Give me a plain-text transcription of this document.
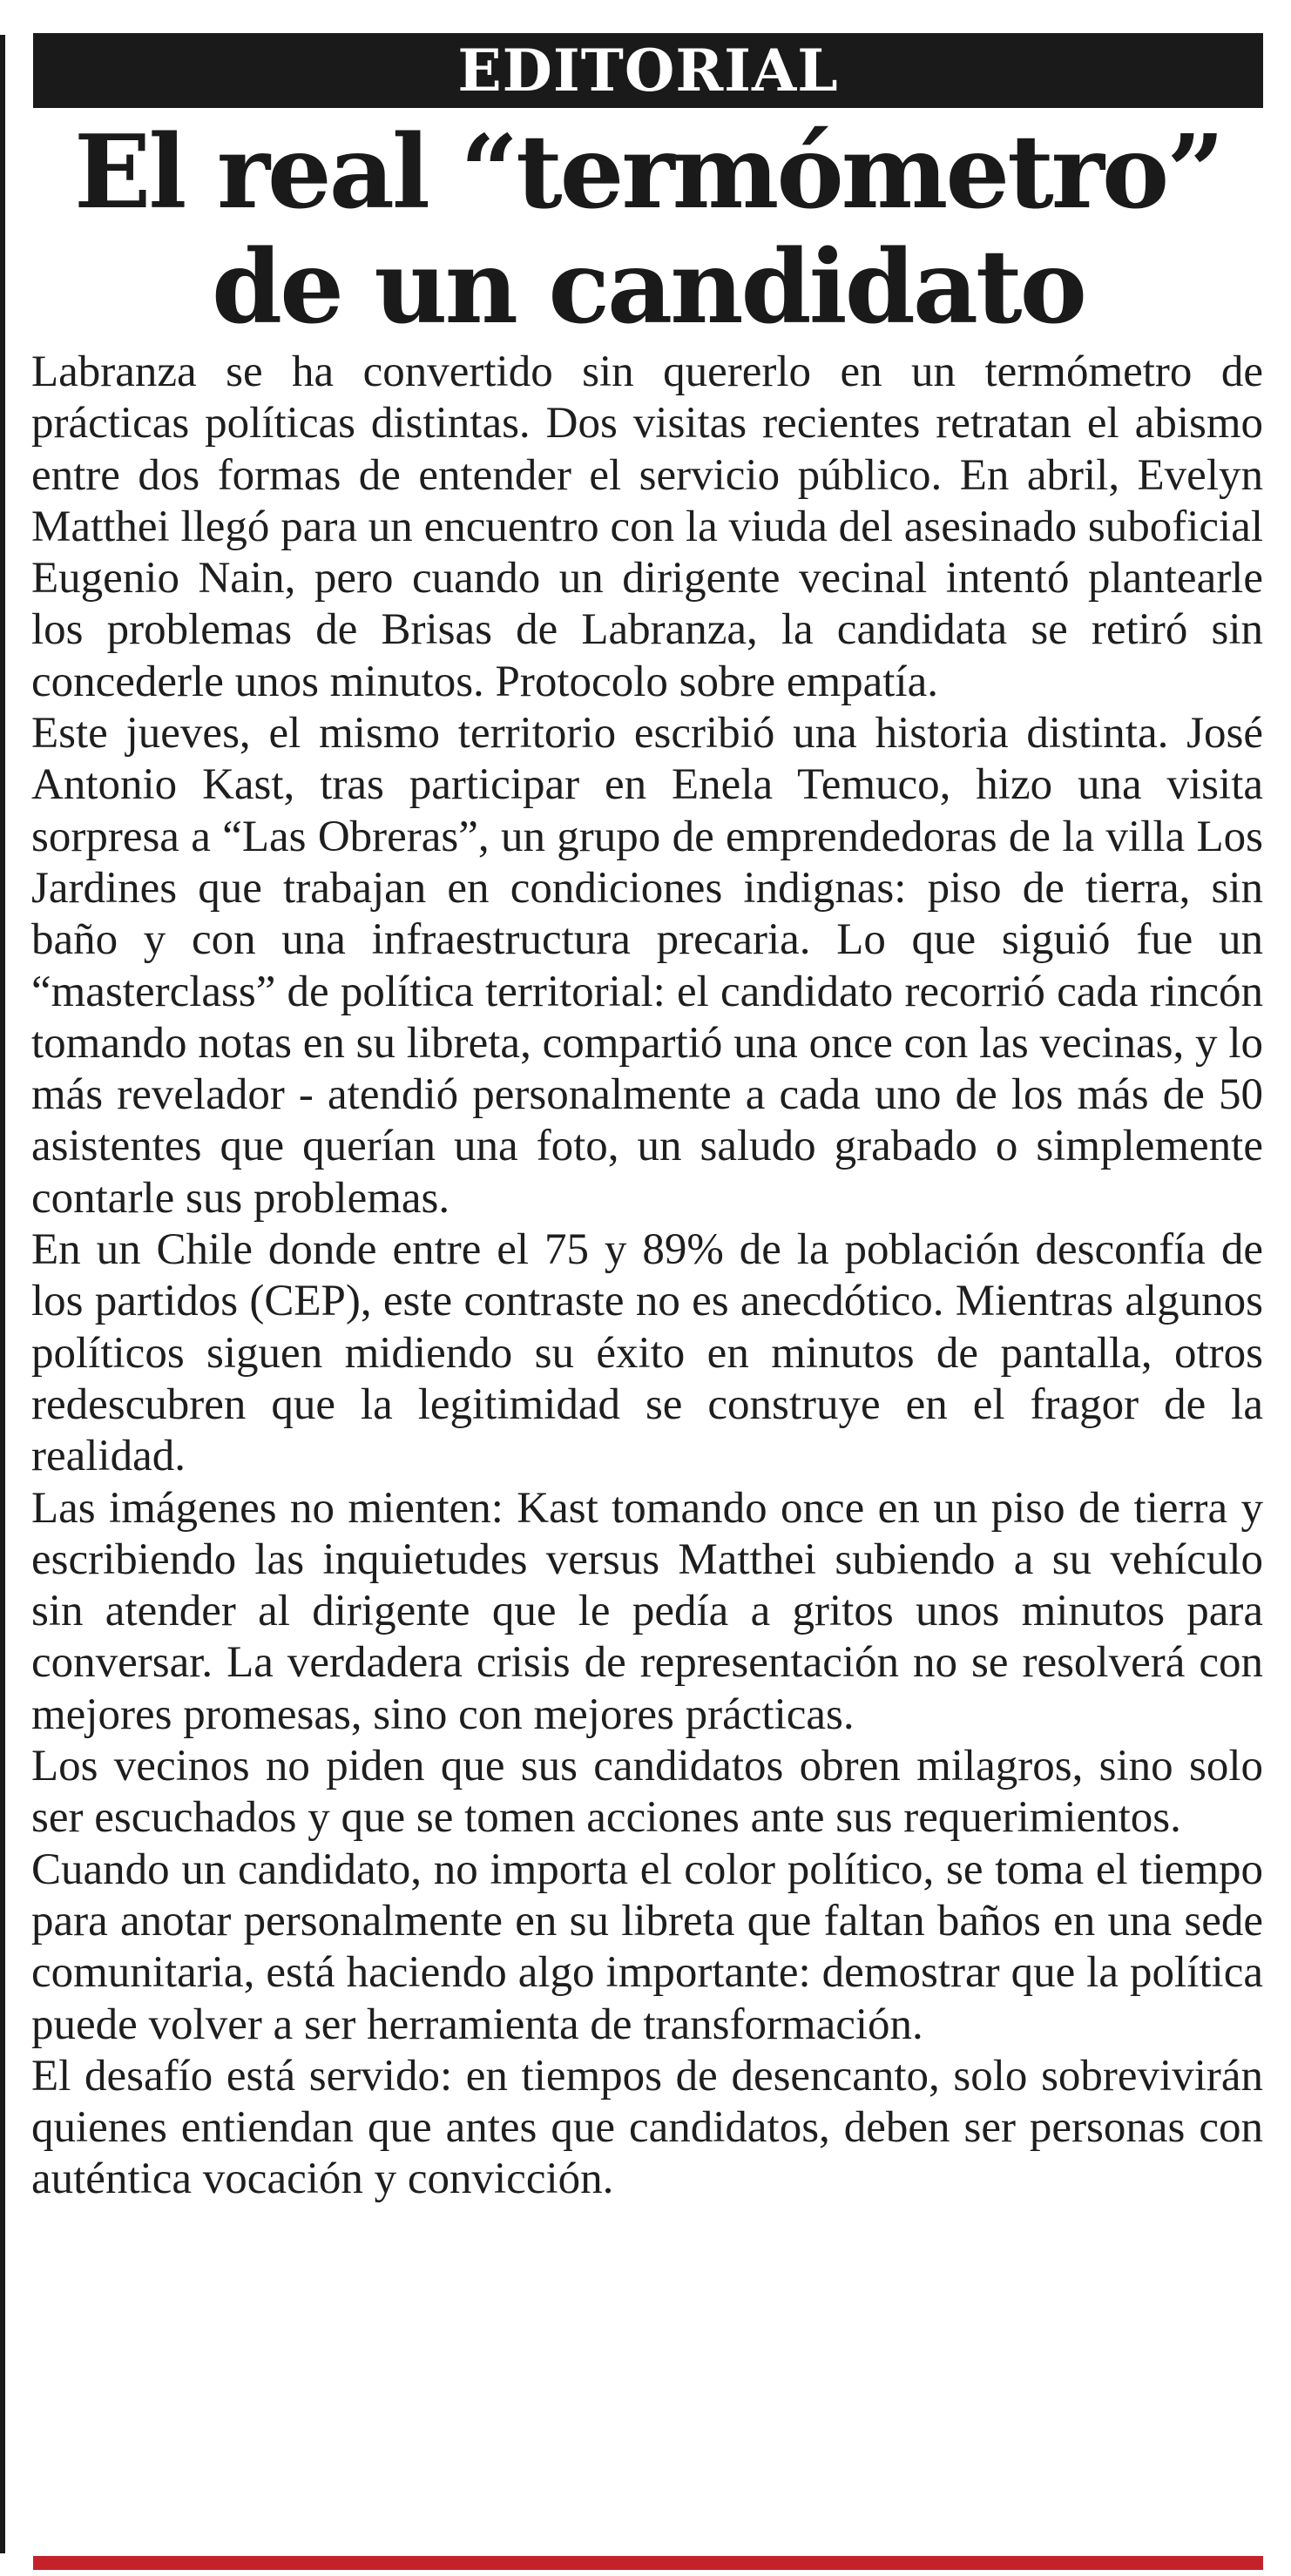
EDITORIAL
El real “termómetro”
de un candidato

Labranza se ha convertido sin quererlo en un termómetro de prácticas políticas distintas. Dos visitas recientes retratan el abismo entre dos formas de entender el servicio público. En abril, Evelyn Matthei llegó para un encuentro con la viuda del asesinado suboficial Eugenio Nain, pero cuando un dirigente vecinal intentó plantearle los problemas de Brisas de Labranza, la candidata se retiró sin concederle unos minutos. Protocolo sobre empatía.

Este jueves, el mismo territorio escribió una historia distinta. José Antonio Kast, tras participar en Enela Temuco, hizo una visita sorpresa a “Las Obreras”, un grupo de emprendedoras de la villa Los Jardines que trabajan en condiciones indignas: piso de tierra, sin baño y con una infraestructura precaria. Lo que siguió fue un “masterclass” de política territorial: el candidato recorrió cada rincón tomando notas en su libreta, compartió una once con las vecinas, y lo más revelador - atendió personalmente a cada uno de los más de 50 asistentes que querían una foto, un saludo grabado o simplemente contarle sus problemas.

En un Chile donde entre el 75 y 89% de la población desconfía de los partidos (CEP), este contraste no es anecdótico. Mientras algunos políticos siguen midiendo su éxito en minutos de pantalla, otros redescubren que la legitimidad se construye en el fragor de la realidad.

Las imágenes no mienten: Kast tomando once en un piso de tierra y escribiendo las inquietudes versus Matthei subiendo a su vehículo sin atender al dirigente que le pedía a gritos unos minutos para conversar. La verdadera crisis de representación no se resolverá con mejores promesas, sino con mejores prácticas.

Los vecinos no piden que sus candidatos obren milagros, sino solo ser escuchados y que se tomen acciones ante sus requerimientos.

Cuando un candidato, no importa el color político, se toma el tiempo para anotar personalmente en su libreta que faltan baños en una sede comunitaria, está haciendo algo importante: demostrar que la política puede volver a ser herramienta de transformación.

El desafío está servido: en tiempos de desencanto, solo sobrevivirán quienes entiendan que antes que candidatos, deben ser personas con auténtica vocación y convicción.
